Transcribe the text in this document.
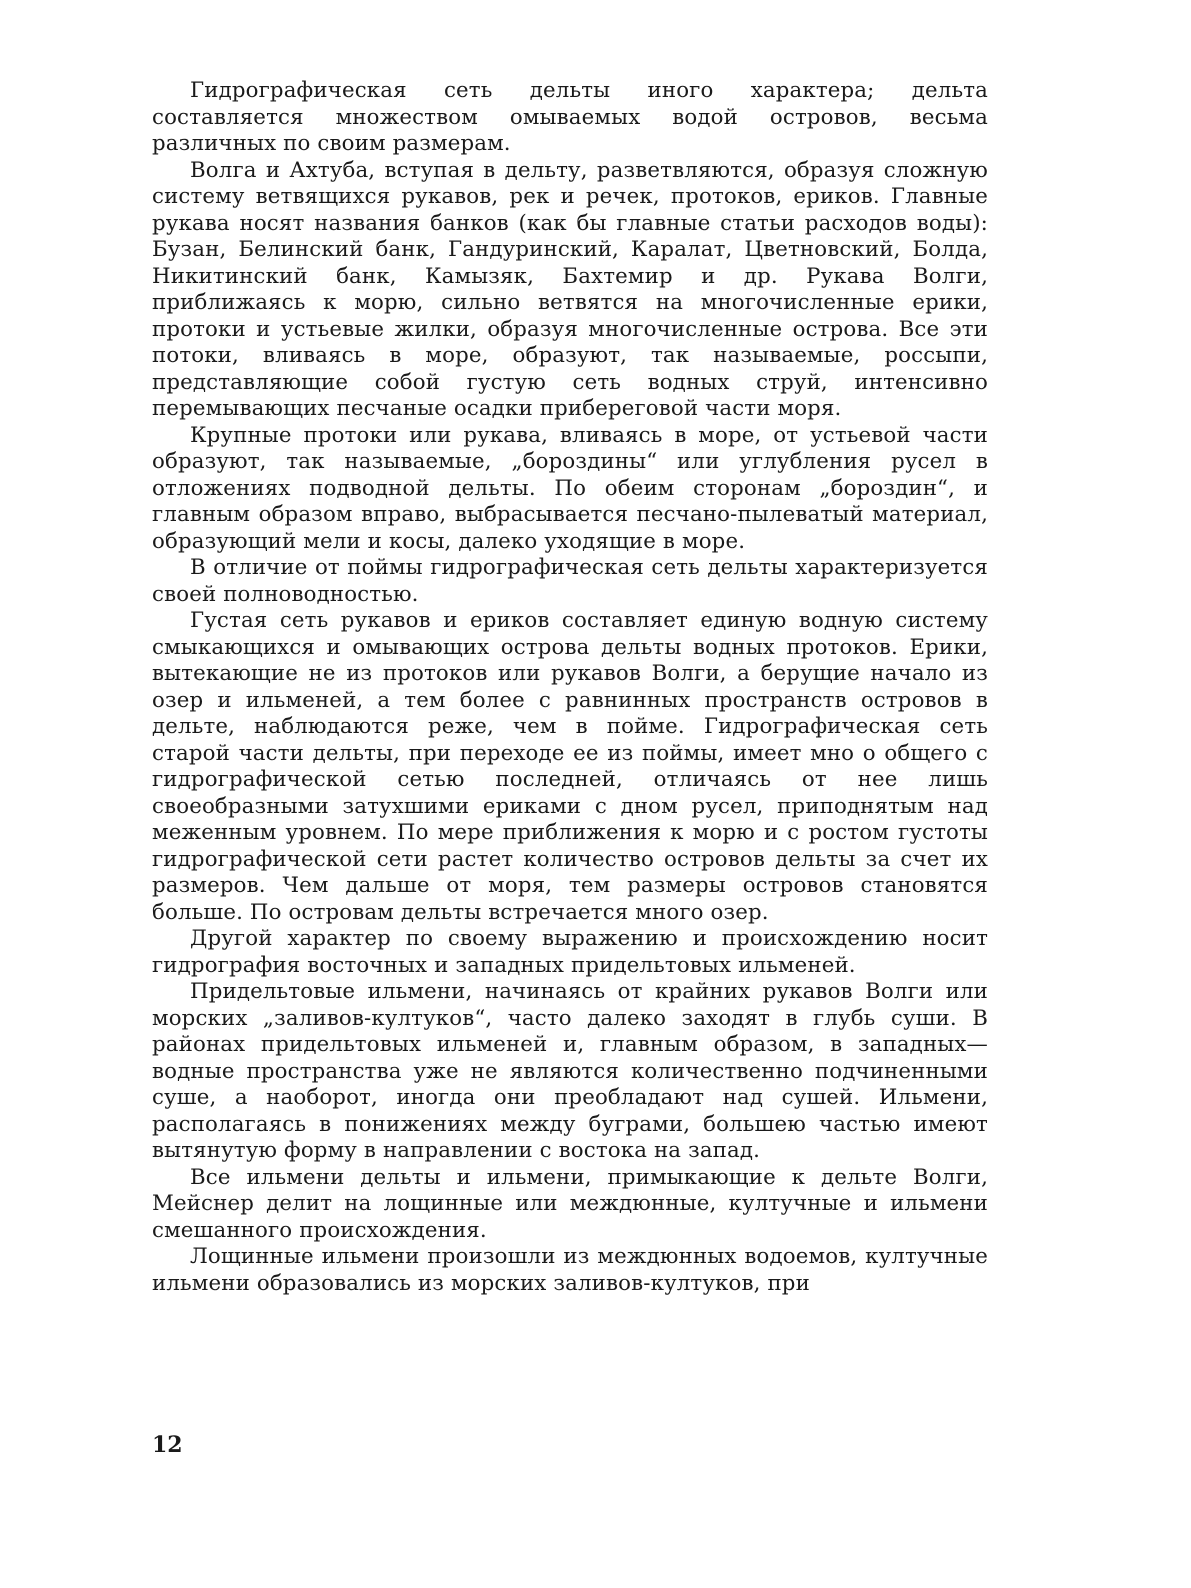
Гидрографическая сеть дельты иного характера; дельта составляется множеством омываемых водой островов, весьма различных по своим размерам.

Волга и Ахтуба, вступая в дельту, разветвляются, образуя сложную систему ветвящихся рукавов, рек и речек, протоков, ериков. Главные рукава носят названия банков (как бы главные статьи расходов воды): Бузан, Белинский банк, Гандуринский, Каралат, Цветновский, Болда, Никитинский банк, Камызяк, Бахтемир и др. Рукава Волги, приближаясь к морю, сильно ветвятся на многочисленные ерики, протоки и устьевые жилки, образуя многочисленные острова. Все эти потоки, вливаясь в море, образуют, так называемые, россыпи, представляющие собой густую сеть водных струй, интенсивно перемывающих песчаные осадки прибереговой части моря.

Крупные протоки или рукава, вливаясь в море, от устьевой части образуют, так называемые, „бороздины“ или углубления русел в отложениях подводной дельты. По обеим сторонам „бороздин“, и главным образом вправо, выбрасывается песчано-пылеватый материал, образующий мели и косы, далеко уходящие в море.

В отличие от поймы гидрографическая сеть дельты характеризуется своей полноводностью.

Густая сеть рукавов и ериков составляет единую водную систему смыкающихся и омывающих острова дельты водных протоков. Ерики, вытекающие не из протоков или рукавов Волги, а берущие начало из озер и ильменей, а тем более с равнинных пространств островов в дельте, наблюдаются реже, чем в пойме. Гидрографическая сеть старой части дельты, при переходе ее из поймы, имеет мно о общего с гидрографической сетью последней, отличаясь от нее лишь своеобразными затухшими ериками с дном русел, приподнятым над меженным уровнем. По мере приближения к морю и с ростом густоты гидрографической сети растет количество островов дельты за счет их размеров. Чем дальше от моря, тем размеры островов становятся больше. По островам дельты встречается много озер.

Другой характер по своему выражению и происхождению носит гидрография восточных и западных придельтовых ильменей.

Придельтовые ильмени, начинаясь от крайних рукавов Волги или морских „заливов-култуков“, часто далеко заходят в глубь суши. В районах придельтовых ильменей и, главным образом, в западных—водные пространства уже не являются количественно подчиненными суше, а наоборот, иногда они преобладают над сушей. Ильмени, располагаясь в понижениях между буграми, большею частью имеют вытянутую форму в направлении с востока на запад.

Все ильмени дельты и ильмени, примыкающие к дельте Волги, Мейснер делит на лощинные или междюнные, култучные и ильмени смешанного происхождения.

Лощинные ильмени произошли из междюнных водоемов, култучные ильмени образовались из морских заливов-култуков, при

12
